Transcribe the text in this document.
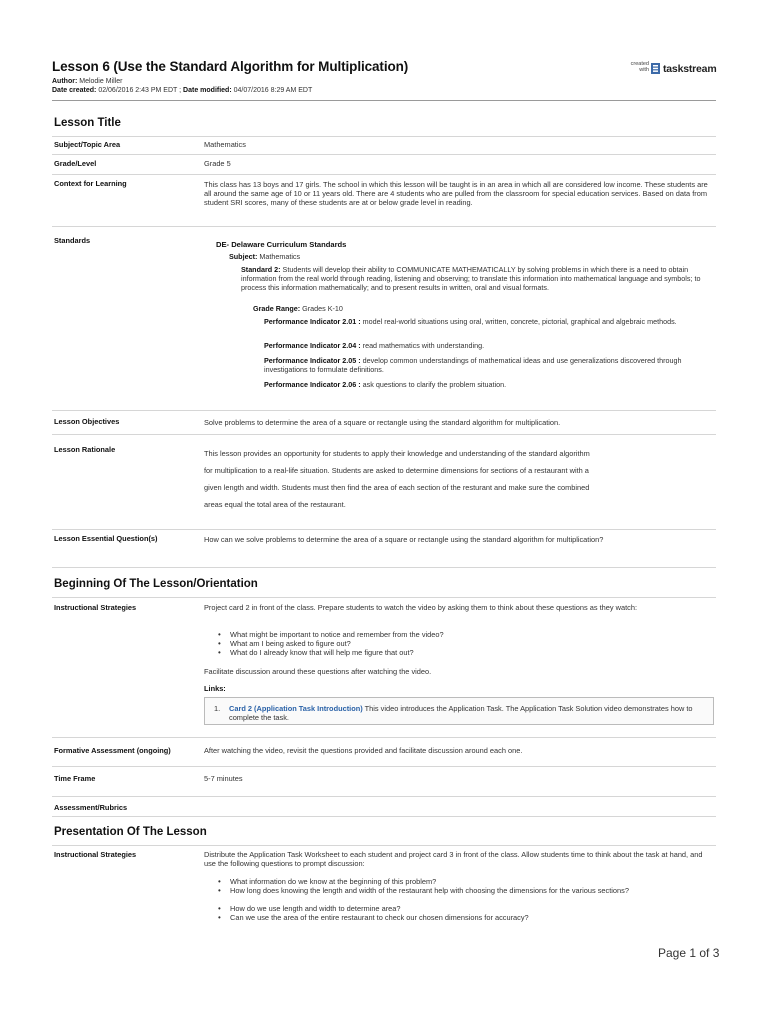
Lesson 6 (Use the Standard Algorithm for Multiplication)
Author: Melodie Miller
Date created: 02/06/2016 2:43 PM EDT ; Date modified: 04/07/2016 8:29 AM EDT
created
with taskstream
Lesson Title
Subject/Topic Area	Mathematics
Grade/Level	Grade 5
Context for Learning	This class has 13 boys and 17 girls. The school in which this lesson will be taught is in an area in which all are considered low income. These students are all around the same age of 10 or 11 years old. There are 4 students who are pulled from the classroom for special education services. Based on data from student SRI scores, many of these students are at or below grade level in reading.
Standards	DE- Delaware Curriculum Standards
Subject: Mathematics
Standard 2: Students will develop their ability to COMMUNICATE MATHEMATICALLY by solving problems in which there is a need to obtain information from the real world through reading, listening and observing; to translate this information into mathematical language and symbols; to process this information mathematically; and to present results in written, oral and visual formats.
Grade Range: Grades K-10
Performance Indicator 2.01 : model real-world situations using oral, written, concrete, pictorial, graphical and algebraic methods.
Performance Indicator 2.04 : read mathematics with understanding.
Performance Indicator 2.05 : develop common understandings of mathematical ideas and use generalizations discovered through investigations to formulate definitions.
Performance Indicator 2.06 : ask questions to clarify the problem situation.
Lesson Objectives	Solve problems to determine the area of a square or rectangle using the standard algorithm for multiplication.
Lesson Rationale	This lesson provides an opportunity for students to apply their knowledge and understanding of the standard algorithm
for multiplication to a real-life situation. Students are asked to determine dimensions for sections of a restaurant with a
given length and width. Students must then find the area of each section of the resturant and make sure the combined
areas equal the total area of the restaurant.
Lesson Essential Question(s)	How can we solve problems to determine the area of a square or rectangle using the standard algorithm for multiplication?
Beginning Of The Lesson/Orientation
Instructional Strategies	Project card 2 in front of the class. Prepare students to watch the video by asking them to think about these questions as they watch:
• What might be important to notice and remember from the video?
• What am I being asked to figure out?
• What do I already know that will help me figure that out?
Facilitate discussion around these questions after watching the video.
Links:
1. Card 2 (Application Task Introduction) This video introduces the Application Task. The Application Task Solution video demonstrates how to complete the task.
Formative Assessment (ongoing)	After watching the video, revisit the questions provided and facilitate discussion around each one.
Time Frame	5-7 minutes
Assessment/Rubrics
Presentation Of The Lesson
Instructional Strategies	Distribute the Application Task Worksheet to each student and project card 3 in front of the class. Allow students time to think about the task at hand, and use the following questions to prompt discussion:
• What information do we know at the beginning of this problem?
• How long does knowing the length and width of the restaurant help with choosing the dimensions for the various sections?
• How do we use length and width to determine area?
• Can we use the area of the entire restaurant to check our chosen dimensions for accuracy?
Page 1 of 3
